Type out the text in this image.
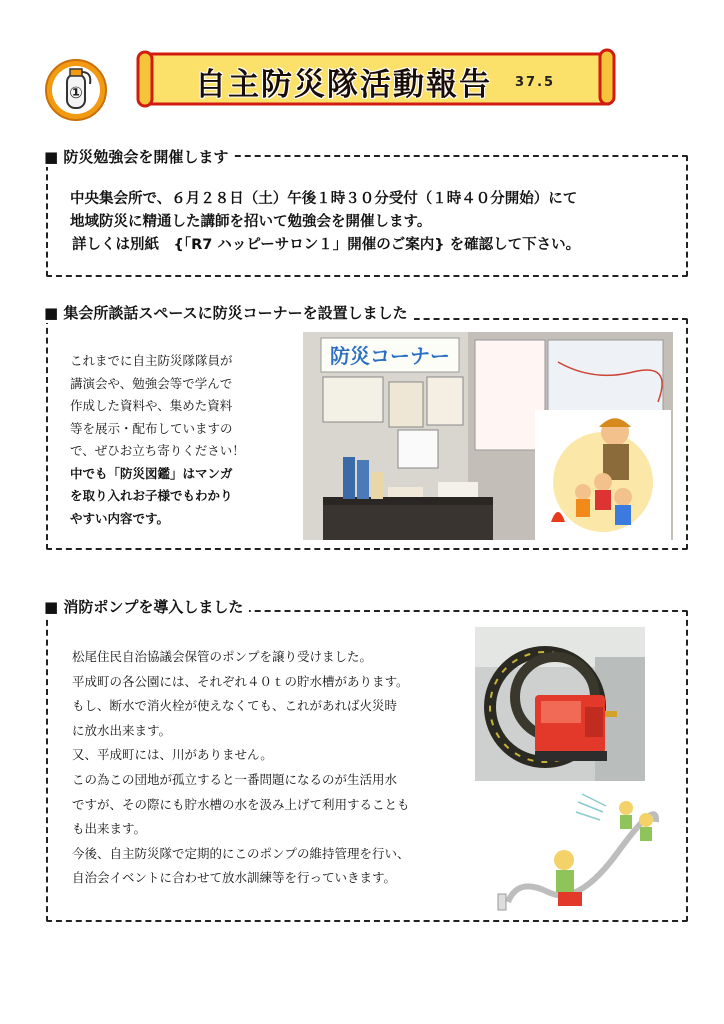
①	自主防災隊活動報告 37.5
■ 防災勉強会を開催します
中央集会所で、６月２８日（土）午後１時３０分受付（１時４０分開始）にて
地域防災に精通した講師を招いて勉強会を開催します。
詳しくは別紙　{「R7 ハッピーサロン１」開催のご案内} を確認して下さい。
■ 集会所談話スペースに防災コーナーを設置しました
これまでに自主防災隊隊員が
講演会や、勉強会等で学んで
作成した資料や、集めた資料
等を展示・配布していますの
で、ぜひお立ち寄りください！
中でも「防災図鑑」はマンガ
を取り入れお子様でもわかり
やすい内容です。
防災コーナー
■ 消防ポンプを導入しました
松尾住民自治協議会保管のポンプを譲り受けました。
平成町の各公園には、それぞれ４０ｔの貯水槽があります。
もし、断水で消火栓が使えなくても、これがあれば火災時
に放水出来ます。
又、平成町には、川がありません。
この為この団地が孤立すると一番問題になるのが生活用水
ですが、その際にも貯水槽の水を汲み上げて利用することも
も出来ます。
今後、自主防災隊で定期的にこのポンプの維持管理を行い、
自治会イベントに合わせて放水訓練等を行っていきます。
